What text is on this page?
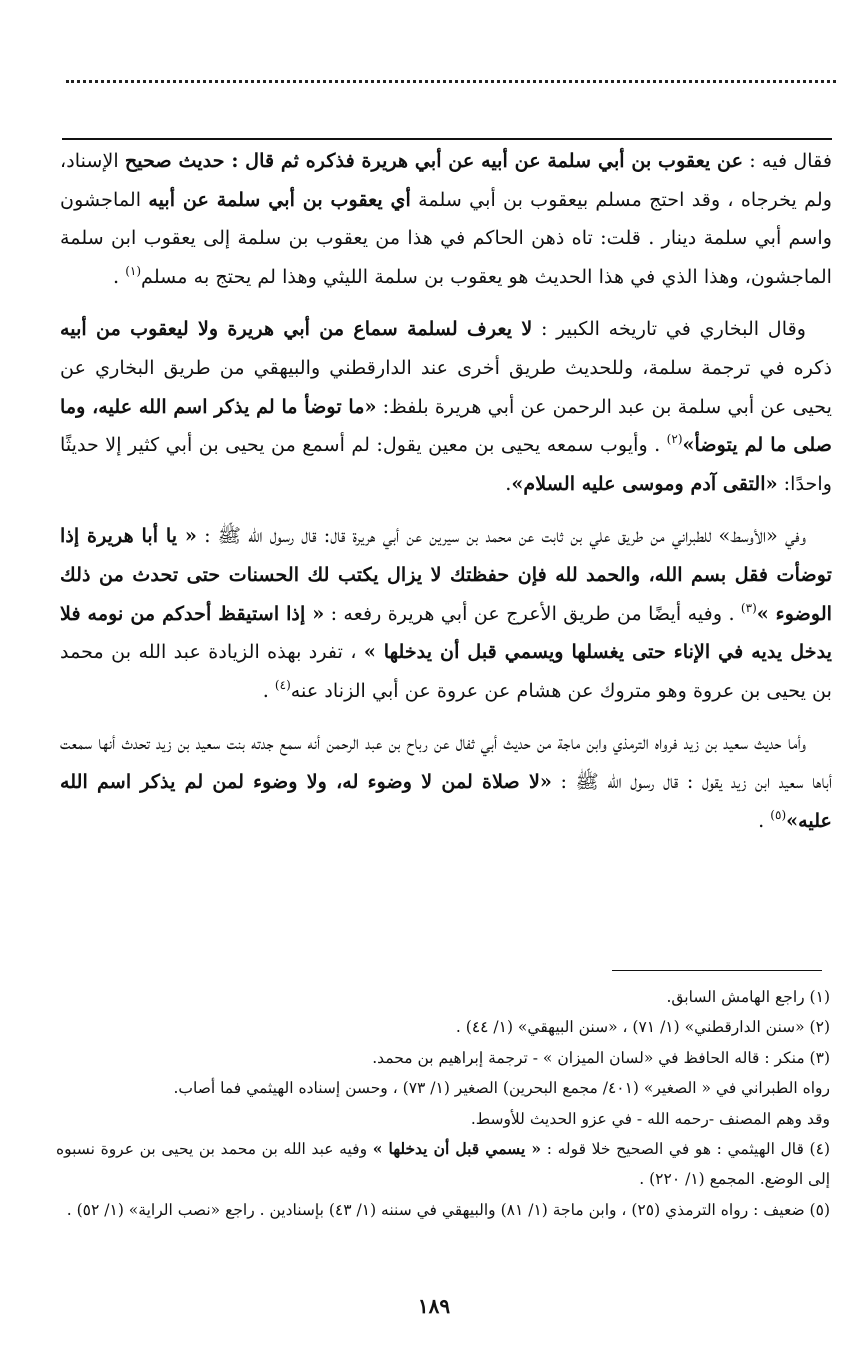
فقال فيه : عن يعقوب بن أبي سلمة عن أبيه عن أبي هريرة فذكره ثم قال : حديث صحيح الإسناد، ولم يخرجاه ، وقد احتج مسلم بيعقوب بن أبي سلمة أي يعقوب بن أبي سلمة عن أبيه الماجشون واسم أبي سلمة دينار . قلت: تاه ذهن الحاكم في هذا من يعقوب بن سلمة إلى يعقوب ابن سلمة الماجشون، وهذا الذي في هذا الحديث هو يعقوب بن سلمة الليثي وهذا لم يحتج به مسلم$^{(١)}$ .

وقال البخاري في تاريخه الكبير : لا يعرف لسلمة سماع من أبي هريرة ولا ليعقوب من أبيه ذكره في ترجمة سلمة، وللحديث طريق أخرى عند الدارقطني والبيهقي من طريق البخاري عن يحيى عن أبي سلمة بن عبد الرحمن عن أبي هريرة بلفظ: «ما توضأ ما لم يذكر اسم الله عليه، وما صلى ما لم يتوضأ»$^{(٢)}$ . وأيوب سمعه يحيى بن معين يقول: لم أسمع من يحيى بن أبي كثير إلا حديثًا واحدًا: «التقى آدم وموسى عليه السلام».

وفي «الأوسط» للطبراني من طريق علي بن ثابت عن محمد بن سيرين عن أبي هريرة قال: قال رسول الله ﷺ : « يا أبا هريرة إذا توضأت فقل بسم الله، والحمد لله فإن حفظتك لا يزال يكتب لك الحسنات حتى تحدث من ذلك الوضوء »$^{(٣)}$ . وفيه أيضًا من طريق الأعرج عن أبي هريرة رفعه : « إذا استيقظ أحدكم من نومه فلا يدخل يديه في الإناء حتى يغسلها ويسمي قبل أن يدخلها » ، تفرد بهذه الزيادة عبد الله بن محمد بن يحيى بن عروة وهو متروك عن هشام عن عروة عن أبي الزناد عنه$^{(٤)}$ .

وأما حديث سعيد بن زيد فرواه الترمذي وابن ماجة من حديث أبي ثفال عن رباح بن عبد الرحمن أنه سمع جدته بنت سعيد بن زيد تحدث أنها سمعت أباها سعيد ابن زيد يقول : قال رسول الله ﷺ : «لا صلاة لمن لا وضوء له، ولا وضوء لمن لم يذكر اسم الله عليه»$^{(٥)}$ .

(١) راجع الهامش السابق.

(٢) «سنن الدارقطني» (١/ ٧١) ، «سنن البيهقي» (١/ ٤٤) .

(٣) منكر : قاله الحافظ في «لسان الميزان » - ترجمة إبراهيم بن محمد.

رواه الطبراني في « الصغير» (٤٠١/ مجمع البحرين) الصغير (١/ ٧٣) ، وحسن إسناده الهيثمي فما أصاب.

وقد وهم المصنف -رحمه الله - في عزو الحديث للأوسط.

(٤) قال الهيثمي : هو في الصحيح خلا قوله : « يسمي قبل أن يدخلها » وفيه عبد الله بن محمد بن يحيى بن عروة نسبوه إلى الوضع. المجمع (١/ ٢٢٠) .

(٥) ضعيف : رواه الترمذي (٢٥) ، وابن ماجة (١/ ٨١) والبيهقي في سننه (١/ ٤٣) بإسنادين . راجع «نصب الراية» (١/ ٥٢) .

١٨٩
